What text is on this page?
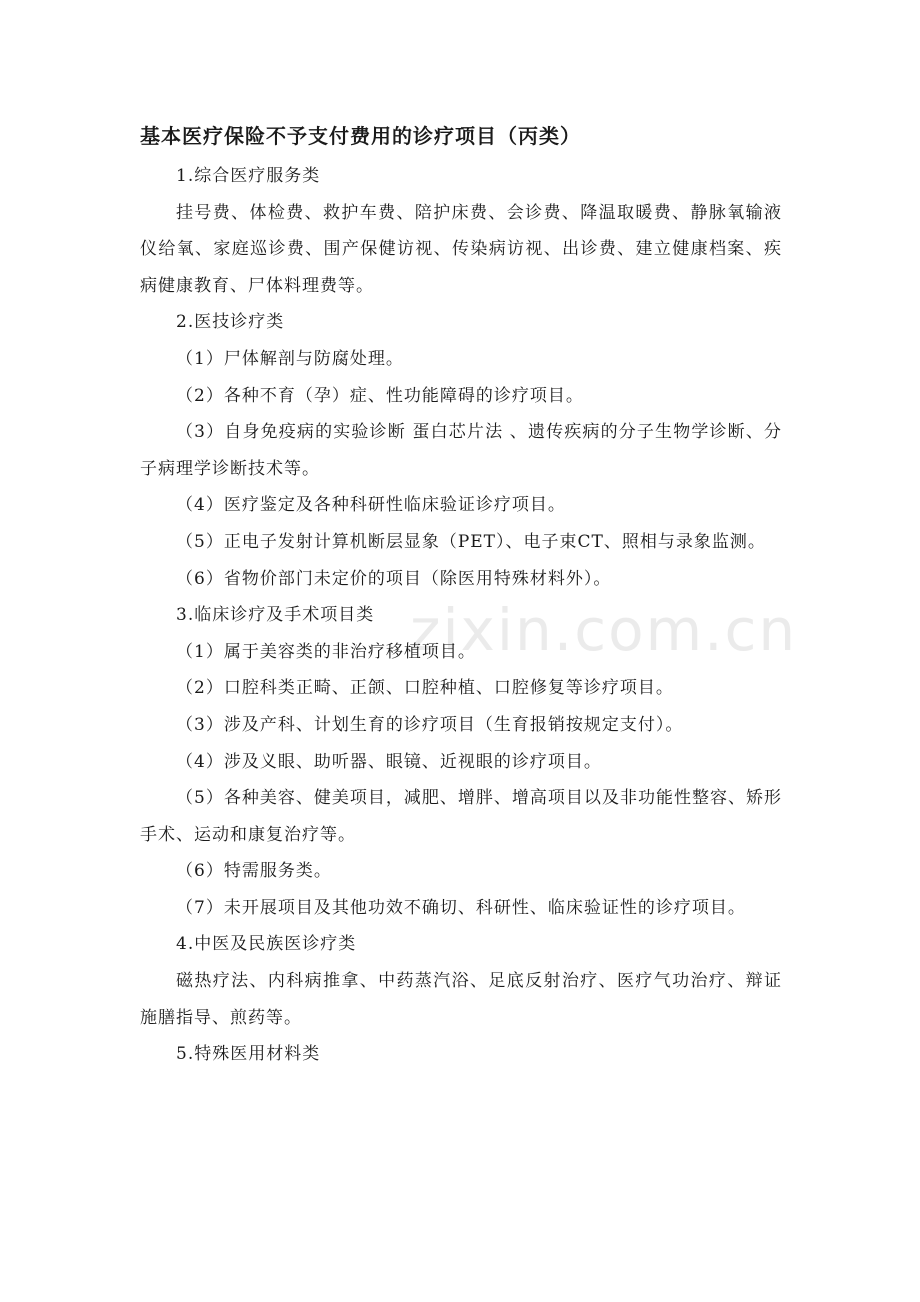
zixin.com.cn
基本医疗保险不予支付费用的诊疗项目（丙类）

1.综合医疗服务类

挂号费、体检费、救护车费、陪护床费、会诊费、降温取暖费、静脉氧输液仪给氧、家庭巡诊费、围产保健访视、传染病访视、出诊费、建立健康档案、疾病健康教育、尸体料理费等。

2.医技诊疗类

（1）尸体解剖与防腐处理。

（2）各种不育（孕）症、性功能障碍的诊疗项目。

（3）自身免疫病的实验诊断 蛋白芯片法 、遗传疾病的分子生物学诊断、分子病理学诊断技术等。

（4）医疗鉴定及各种科研性临床验证诊疗项目。

（5）正电子发射计算机断层显象（PET）、电子束CT、照相与录象监测。

（6）省物价部门未定价的项目（除医用特殊材料外）。

3.临床诊疗及手术项目类

（1）属于美容类的非治疗移植项目。

（2）口腔科类正畸、正颌、口腔种植、口腔修复等诊疗项目。

（3）涉及产科、计划生育的诊疗项目（生育报销按规定支付）。

（4）涉及义眼、助听器、眼镜、近视眼的诊疗项目。

（5）各种美容、健美项目，减肥、增胖、增高项目以及非功能性整容、矫形手术、运动和康复治疗等。

（6）特需服务类。

（7）未开展项目及其他功效不确切、科研性、临床验证性的诊疗项目。

4.中医及民族医诊疗类

磁热疗法、内科病推拿、中药蒸汽浴、足底反射治疗、医疗气功治疗、辩证施膳指导、煎药等。

5.特殊医用材料类
